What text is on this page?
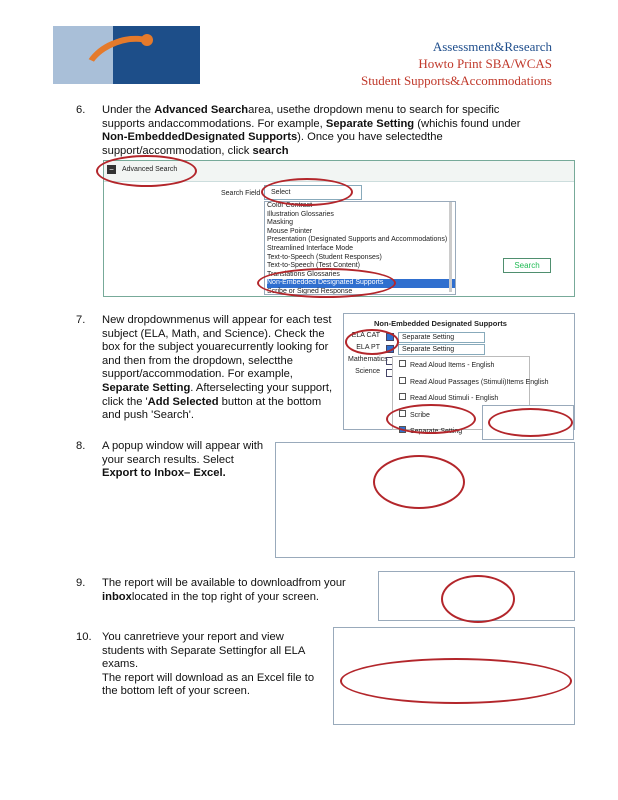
Assessment&Research
Howto Print SBA/WCAS
Student Supports&Accommodations
6.	Under the Advanced Searcharea, usethe dropdown menu to search for specific
supports andaccommodations. For example, Separate Setting (whichis found under
Non-EmbeddedDesignated Supports). Once you have selectedthe
support/accommodation, click search
7.	New dropdownmenus will appear for each test
subject (ELA, Math, and Science). Check the
box for the subject youarecurrently looking for
and then from the dropdown, selectthe
support/accommodation. For example,
Separate Setting. Afterselecting your support,
click the 'Add Selected button at the bottom
and push 'Search'.
8.	A popup window will appear with
your search results. Select
Export to Inbox– Excel.
9.	The report will be available to downloadfrom your
inboxlocated in the top right of your screen.
10. You canretrieve your report and view
students with Separate Settingfor all ELA
exams.
The report will download as an Excel file to
the bottom left of your screen.
−	Advanced Search
Search Field	Select
Color Contrast
Illustration Glossaries
Masking
Mouse Pointer
Presentation (Designated Supports and Accommodations)
Streamlined Interface Mode
Text-to-Speech (Student Responses)
Text-to-Speech (Test Content)
Translations Glossaries
Non-Embedded Designated Supports
Scribe or Signed Response
Search
Non-Embedded Designated Supports
ELA CAT	Separate Setting
ELA PT	Separate Setting
Mathematics
Science
Read Aloud Items - English
Read Aloud Passages (Stimuli)Items English
Read Aloud Stimuli - English
Scribe
Separate Setting
